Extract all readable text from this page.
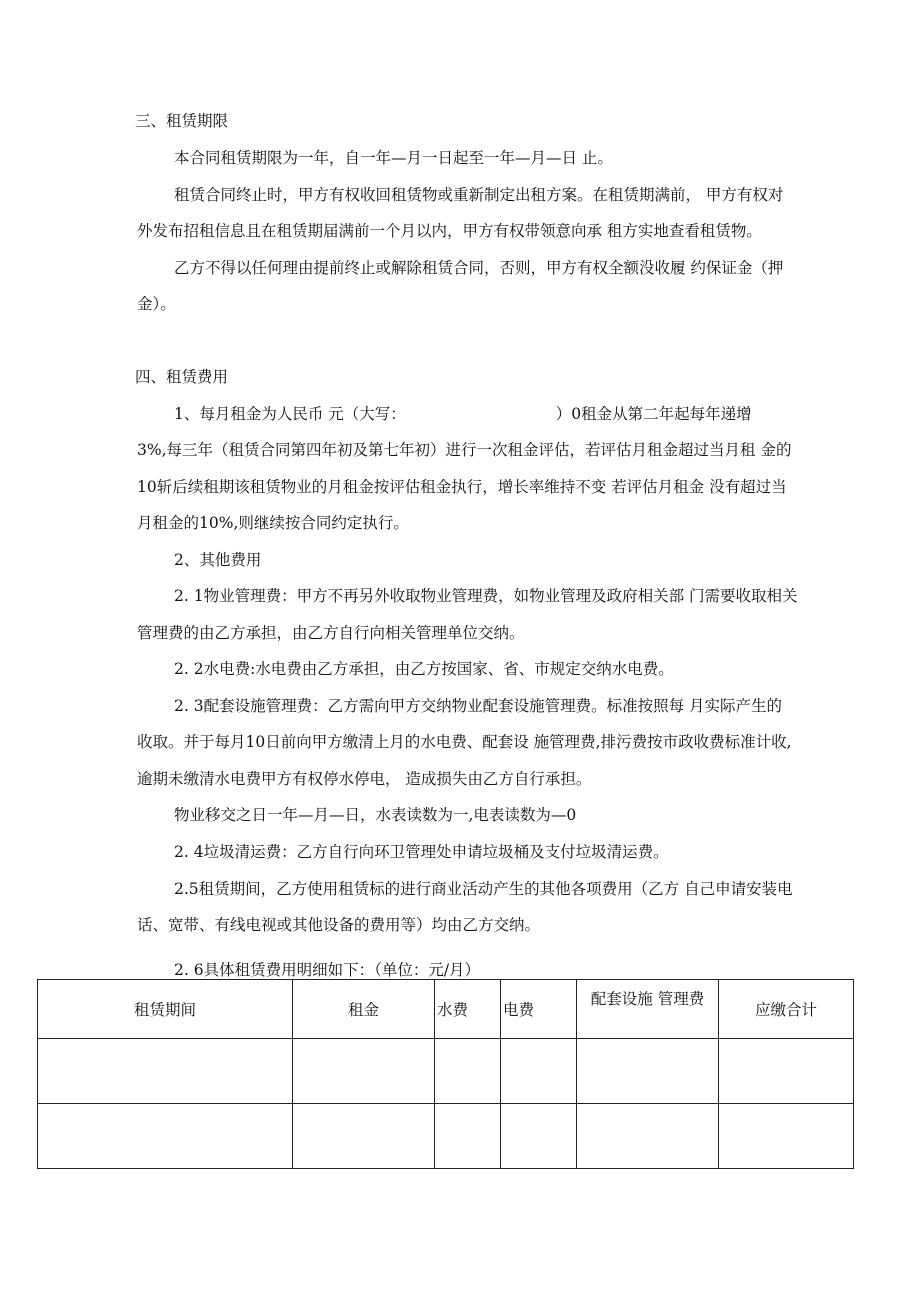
三、租赁期限
本合同租赁期限为一年，自一年—月一日起至一年—月—日 止。
租赁合同终止时，甲方有权收回租赁物或重新制定出租方案。在租赁期满前， 甲方有权对
外发布招租信息且在租赁期届满前一个月以内，甲方有权带领意向承 租方实地查看租赁物。
乙方不得以任何理由提前终止或解除租赁合同，否则，甲方有权全额没收履 约保证金（押
金）。
四、租赁费用
1、每月租金为人民币 元（大写：	）0租金从第二年起每年递增
3%,每三年（租赁合同第四年初及第七年初）进行一次租金评估，若评估月租金超过当月租 金的
10斩后续租期该租赁物业的月租金按评估租金执行，增长率维持不变 若评估月租金 没有超过当
月租金的10%,则继续按合同约定执行。
2、其他费用
2. 1物业管理费：甲方不再另外收取物业管理费，如物业管理及政府相关部 门需要收取相关
管理费的由乙方承担，由乙方自行向相关管理单位交纳。
2. 2水电费:水电费由乙方承担，由乙方按国家、省、市规定交纳水电费。
2. 3配套设施管理费：乙方需向甲方交纳物业配套设施管理费。标准按照每 月实际产生的
收取。并于每月10日前向甲方缴清上月的水电费、配套设 施管理费,排污费按市政收费标准计收,
逾期未缴清水电费甲方有权停水停电， 造成损失由乙方自行承担。
物业移交之日一年—月—日，水表读数为一,电表读数为—0
2. 4垃圾清运费：乙方自行向环卫管理处申请垃圾桶及支付垃圾清运费。
2.5租赁期间，乙方使用租赁标的进行商业活动产生的其他各项费用（乙方 自己申请安装电
话、宽带、有线电视或其他设备的费用等）均由乙方交纳。
2. 6具体租赁费用明细如下：（单位：元/月）
租赁期间	租金	水费	电费	配套设施 管理费	应缴合计
